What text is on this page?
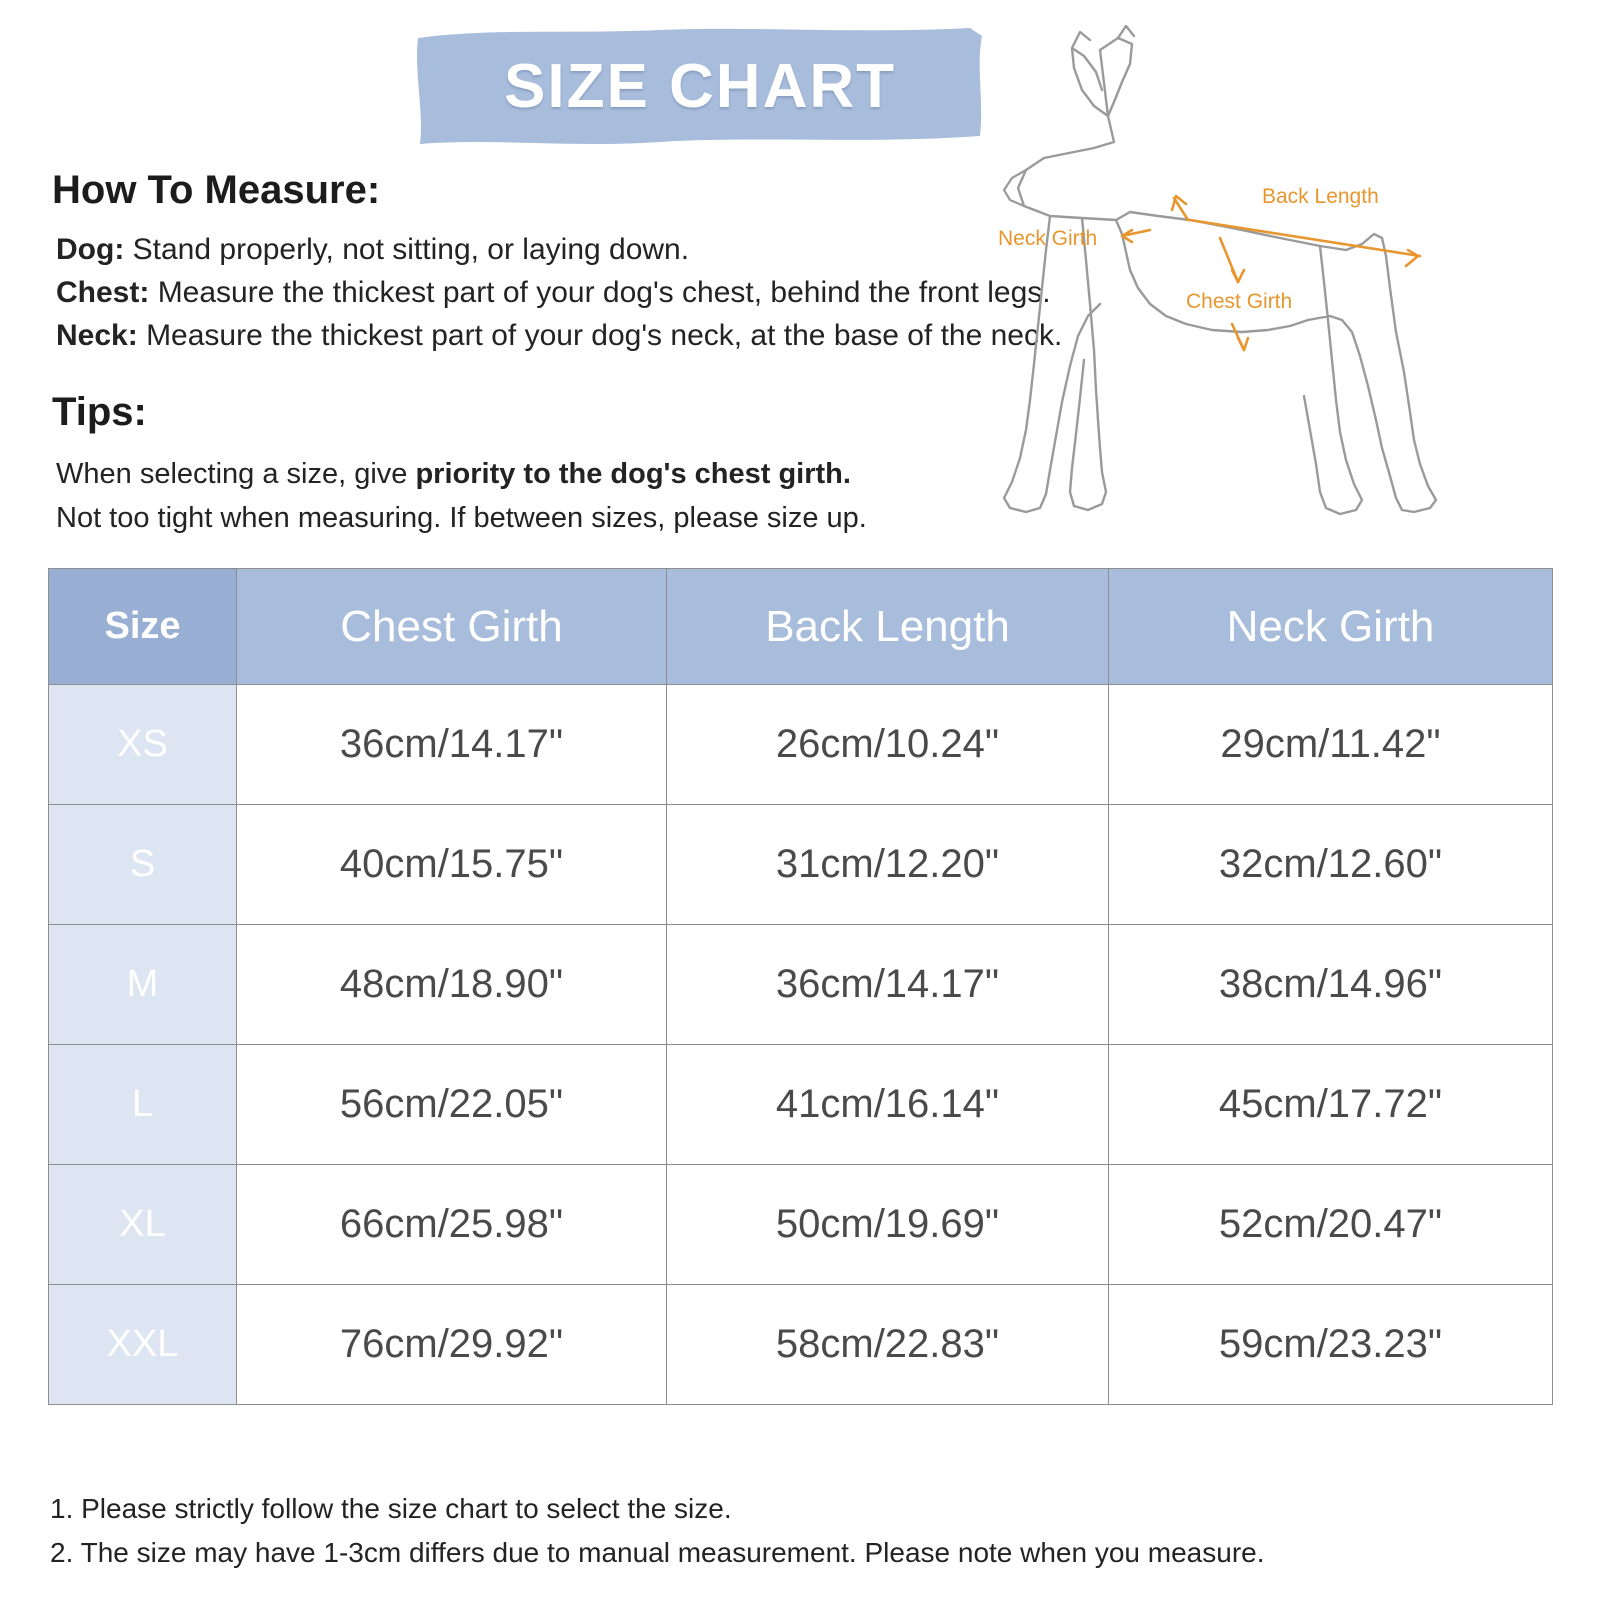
SIZE CHART
How To Measure:
Dog: Stand properly, not sitting, or laying down.
Chest: Measure the thickest part of your dog's chest, behind the front legs.
Neck: Measure the thickest part of your dog's neck, at the base of the neck.
Tips:
When selecting a size, give priority to the dog's chest girth.
Not too tight when measuring. If between sizes, please size up.
Back Length
Neck Girth
Chest Girth
Size	Chest Girth	Back Length	Neck Girth
XS	36cm/14.17"	26cm/10.24"	29cm/11.42"
S	40cm/15.75"	31cm/12.20"	32cm/12.60"
M	48cm/18.90"	36cm/14.17"	38cm/14.96"
L	56cm/22.05"	41cm/16.14"	45cm/17.72"
XL	66cm/25.98"	50cm/19.69"	52cm/20.47"
XXL	76cm/29.92"	58cm/22.83"	59cm/23.23"
1. Please strictly follow the size chart to select the size.
2. The size may have 1-3cm differs due to manual measurement. Please note when you measure.
